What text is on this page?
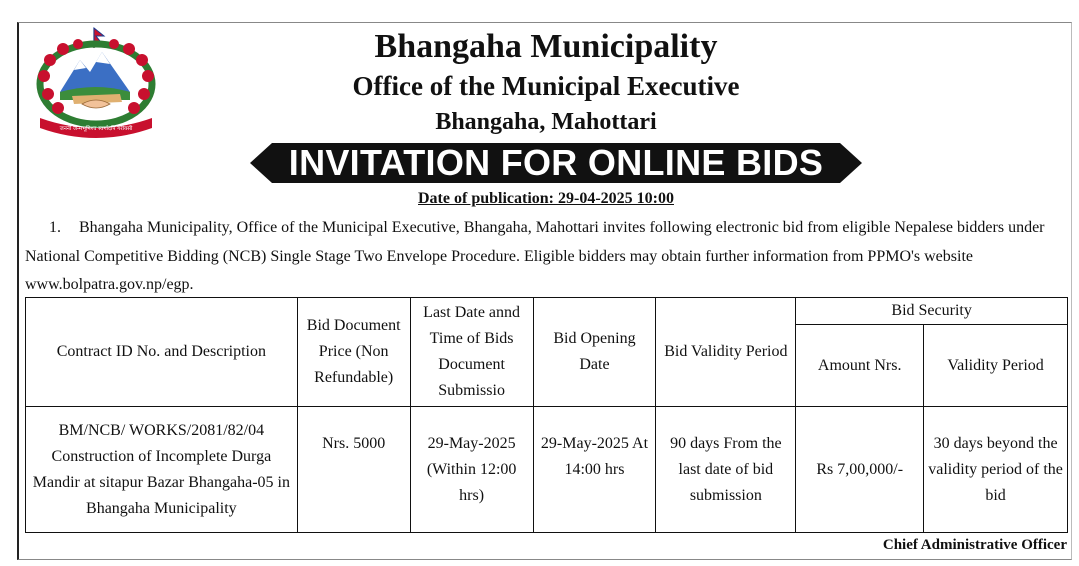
जननी जन्मभूमिश्च स्वर्गादपि गरीयसी
Bhangaha Municipality
Office of the Municipal Executive
Bhangaha, Mahottari
INVITATION FOR ONLINE BIDS
Date of publication: 29-04-2025 10:00
1. Bhangaha Municipality, Office of the Municipal Executive, Bhangaha, Mahottari invites following electronic bid from eligible Nepalese bidders under National Competitive Bidding (NCB) Single Stage Two Envelope Procedure. Eligible bidders may obtain further information from PPMO's website www.bolpatra.gov.np/egp.
Contract ID No. and Description	Bid Document Price (Non Refundable)	Last Date annd Time of Bids Document Submissio	Bid Opening Date	Bid Validity Period	Bid Security	
					Amount Nrs.	Validity Period
BM/NCB/ WORKS/2081/82/04 Construction of Incomplete Durga Mandir at sitapur Bazar Bhangaha-05 in Bhangaha Municipality	Nrs. 5000	29-May-2025 (Within 12:00 hrs)	29-May-2025 At 14:00 hrs	90 days From the last date of bid submission	Rs 7,00,000/-	30 days beyond the validity period of the bid
Chief Administrative Officer
